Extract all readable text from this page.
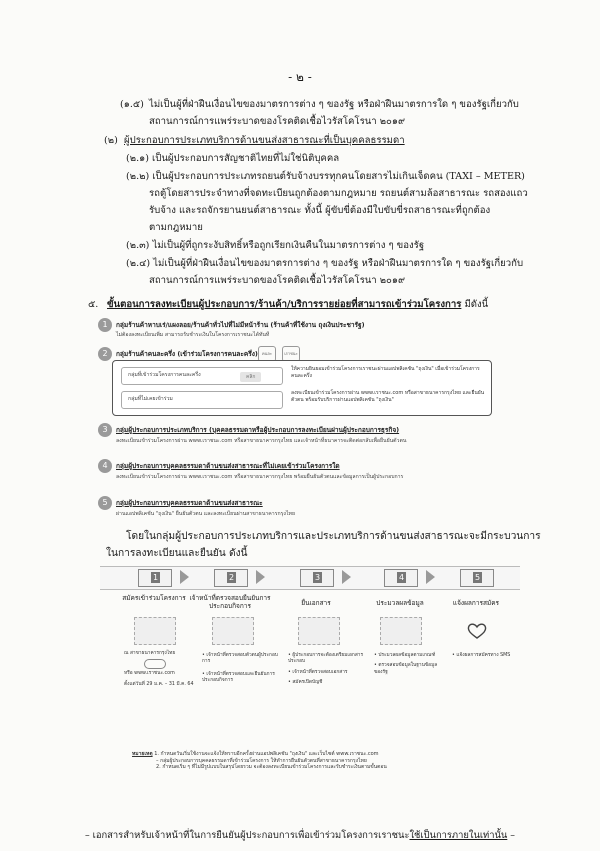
- ๒ -
(๑.๕) ไม่เป็นผู้ที่ฝ่าฝืนเงื่อนไขของมาตรการต่าง ๆ ของรัฐ หรือฝ่าฝืนมาตรการใด ๆ ของรัฐเกี่ยวกับ
สถานการณ์การแพร่ระบาดของโรคติดเชื้อไวรัสโคโรนา ๒๐๑๙
(๒) ผู้ประกอบการประเภทบริการด้านขนส่งสาธารณะที่เป็นบุคคลธรรมดา
(๒.๑) เป็นผู้ประกอบการสัญชาติไทยที่ไม่ใช่นิติบุคคล
(๒.๒) เป็นผู้ประกอบการประเภทรถยนต์รับจ้างบรรทุกคนโดยสารไม่เกินเจ็ดคน (TAXI – METER)
รถตู้โดยสารประจำทางที่จดทะเบียนถูกต้องตามกฎหมาย รถยนต์สามล้อสาธารณะ รถสองแถว
รับจ้าง และรถจักรยานยนต์สาธารณะ ทั้งนี้ ผู้ขับขี่ต้องมีใบขับขี่รถสาธารณะที่ถูกต้อง
ตามกฎหมาย
(๒.๓) ไม่เป็นผู้ที่ถูกระงับสิทธิ์หรือถูกเรียกเงินคืนในมาตรการต่าง ๆ ของรัฐ
(๒.๔) ไม่เป็นผู้ที่ฝ่าฝืนเงื่อนไขของมาตรการต่าง ๆ ของรัฐ หรือฝ่าฝืนมาตรการใด ๆ ของรัฐเกี่ยวกับ
สถานการณ์การแพร่ระบาดของโรคติดเชื้อไวรัสโคโรนา ๒๐๑๙
๕. ขั้นตอนการลงทะเบียนผู้ประกอบการ/ร้านค้า/บริการรายย่อยที่สามารถเข้าร่วมโครงการ มีดังนี้
1	กลุ่มร้านค้าหาบเร่/แผงลอย/ร้านค้าทั่วไปที่ไม่มีหน้าร้าน (ร้านค้าที่ใช้งาน ถุงเงินประชารัฐ)
ไม่ต้องลงทะเบียนเพิ่ม สามารถรับชำระเงินในโครงการเราชนะได้ทันที
2	กลุ่มร้านค้าคนละครึ่ง (เข้าร่วมโครงการคนละครึ่ง)	คนละ	เราชนะ
กลุ่มที่เข้าร่วมโครงการคนละครึ่ง	คลิก
ให้ความยินยอมเข้าร่วมโครงการเราชนะผ่านแอปพลิเคชัน "ถุงเงิน" เมื่อเข้าร่วมโครงการคนละครึ่ง
กลุ่มที่ไม่เคยเข้าร่วม
ลงทะเบียนเข้าร่วมโครงการผ่าน www.เราชนะ.com หรือสาขาธนาคารกรุงไทย และยืนยันตัวตน พร้อมรับบริการผ่านแอปพลิเคชัน "ถุงเงิน"
3	กลุ่มผู้ประกอบการประเภทบริการ (บุคคลธรรมดาหรือผู้ประกอบการลงทะเบียนผ่านผู้ประกอบการธุรกิจ)
ลงทะเบียนเข้าร่วมโครงการผ่าน www.เราชนะ.com หรือสาขาธนาคารกรุงไทย และเจ้าหน้าที่ธนาคารจะติดต่อกลับเพื่อยืนยันตัวตน
4	กลุ่มผู้ประกอบการบุคคลธรรมดาด้านขนส่งสาธารณะที่ไม่เคยเข้าร่วมโครงการใด
ลงทะเบียนเข้าร่วมโครงการผ่าน www.เราชนะ.com หรือสาขาธนาคารกรุงไทย พร้อมยืนยันตัวตนและข้อมูลการเป็นผู้ประกอบการ
5	กลุ่มผู้ประกอบการบุคคลธรรมดาด้านขนส่งสาธารณะ
ผ่านแอปพลิเคชัน "ถุงเงิน" ยืนยันตัวตน และลงทะเบียนผ่านสาขาธนาคารกรุงไทย
โดยในกลุ่มผู้ประกอบการประเภทบริการและประเภทบริการด้านขนส่งสาธารณะจะมีกระบวนการ
ในการลงทะเบียนและยืนยัน ดังนี้
1	2	3	4	5
สมัครเข้าร่วมโครงการ เจ้าหน้าที่ตรวจสอบยืนยันการประกอบกิจการ	ยื่นเอกสาร	ประมวลผลข้อมูล	แจ้งผลการสมัคร
ณ สาขาธนาคารกรุงไทย
หรือ www.เราชนะ.com
ตั้งแต่วันที่ 29 ม.ค. – 31 มี.ค. 64
• เจ้าหน้าที่ตรวจสอบตัวตนผู้ประกอบการ
• เจ้าหน้าที่ตรวจสอบและยืนยันการประกอบกิจการ
• ผู้ประกอบการจะต้องเตรียมเอกสารประกอบ
• เจ้าหน้าที่ตรวจสอบเอกสาร
• สมัครเปิดบัญชี
• ประมวลผลข้อมูลตามเกณฑ์
• ตรวจสอบข้อมูลในฐานข้อมูลของรัฐ
• แจ้งผลการสมัครทาง SMS
หมายเหตุ 1. กำหนดวันเริ่มใช้งานจะแจ้งให้ทราบอีกครั้งผ่านแอปพลิเคชัน "ถุงเงิน" และเว็บไซต์ www.เราชนะ.com
– กลุ่มผู้ประกอบการบุคคลธรรมดาที่เข้าร่วมโครงการ ให้ทำการยืนยันตัวตนที่สาขาธนาคารกรุงไทย
2. กำหนดเริ่ม ๆ ที่ไม่มีรูปแบบในสรุปโดยรวม จะต้องลงทะเบียนเข้าร่วมโครงการและรับชำระเงินตามขั้นตอน
– เอกสารสำหรับเจ้าหน้าที่ในการยืนยันผู้ประกอบการเพื่อเข้าร่วมโครงการเราชนะใช้เป็นการภายในเท่านั้น –
